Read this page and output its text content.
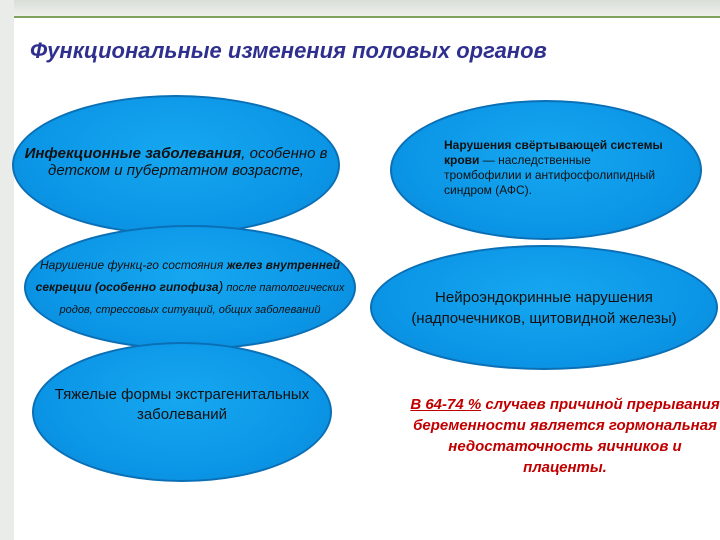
Функциональные изменения половых органов
Инфекционные заболевания, особенно в детском и пубертатном возрасте,
Нарушения свёртывающей системы крови — наследственные тромбофилии и антифосфолипидный синдром (АФС).
Нарушение функц-го состояния желез внутренней секреции (особенно гипофиза) после патологических родов, стрессовых ситуаций, общих заболеваний
Нейроэндокринные нарушения
(надпочечников, щитовидной железы)
Тяжелые формы экстрагенитальных заболеваний
В 64-74 % случаев причиной прерывания беременности является гормональная недостаточность яичников и плаценты.
